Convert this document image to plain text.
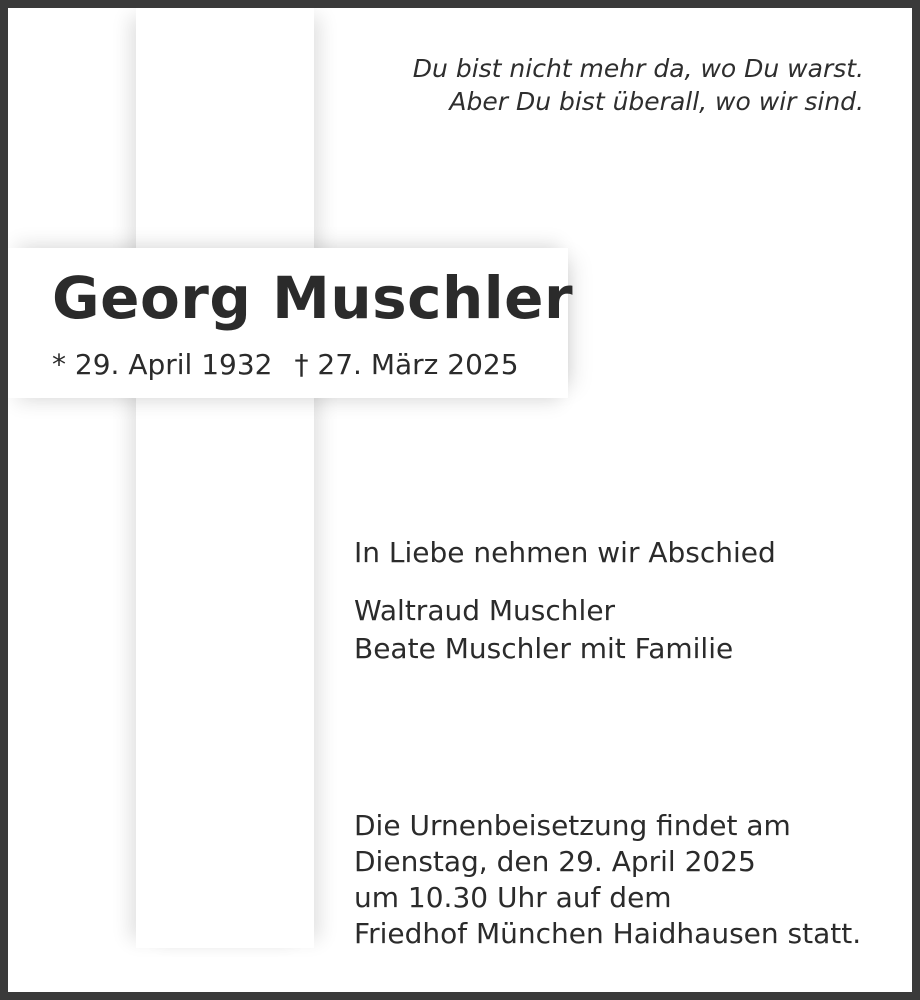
Du bist nicht mehr da, wo Du warst.
Aber Du bist überall, wo wir sind.
Georg Muschler
* 29. April 1932 † 27. März 2025
In Liebe nehmen wir Abschied
Waltraud Muschler
Beate Muschler mit Familie
Die Urnenbeisetzung findet am
Dienstag, den 29. April 2025
um 10.30 Uhr auf dem
Friedhof München Haidhausen statt.
